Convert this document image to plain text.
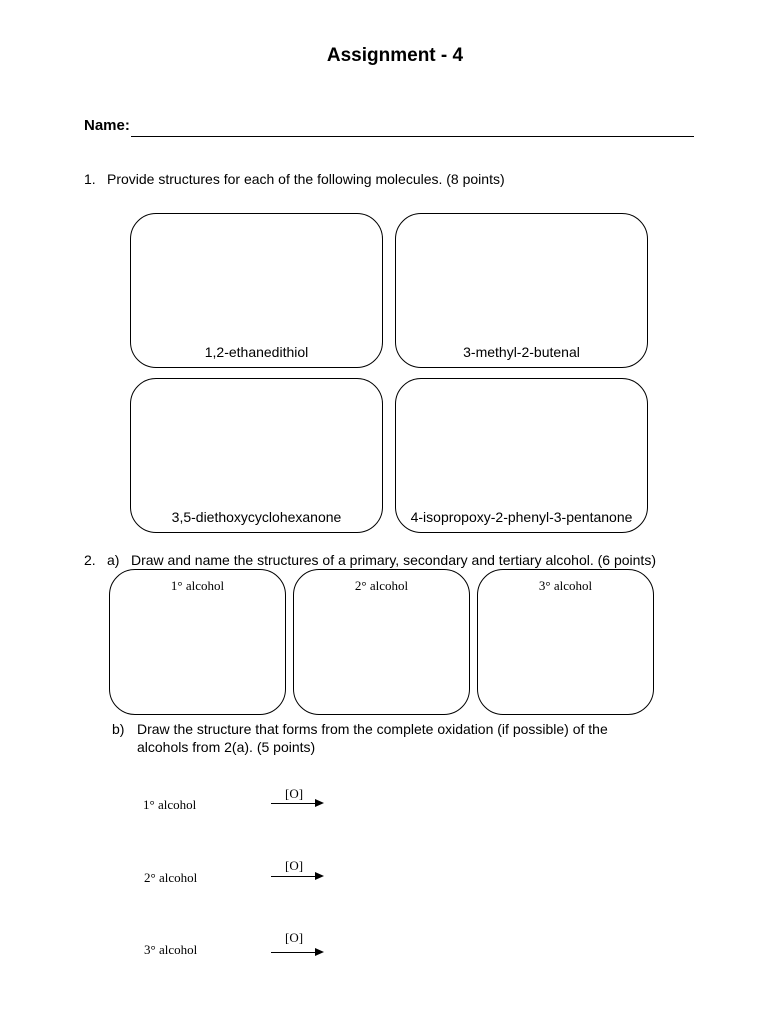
Assignment - 4
Name:
1. Provide structures for each of the following molecules. (8 points)
1,2-ethanedithiol	3-methyl-2-butenal
3,5-diethoxycyclohexanone	4-isopropoxy-2-phenyl-3-pentanone
2. a) Draw and name the structures of a primary, secondary and tertiary alcohol. (6 points)
1° alcohol	2° alcohol	3° alcohol
b) Draw the structure that forms from the complete oxidation (if possible) of the
alcohols from 2(a). (5 points)
1° alcohol
[O]
2° alcohol
[O]
3° alcohol
[O]
